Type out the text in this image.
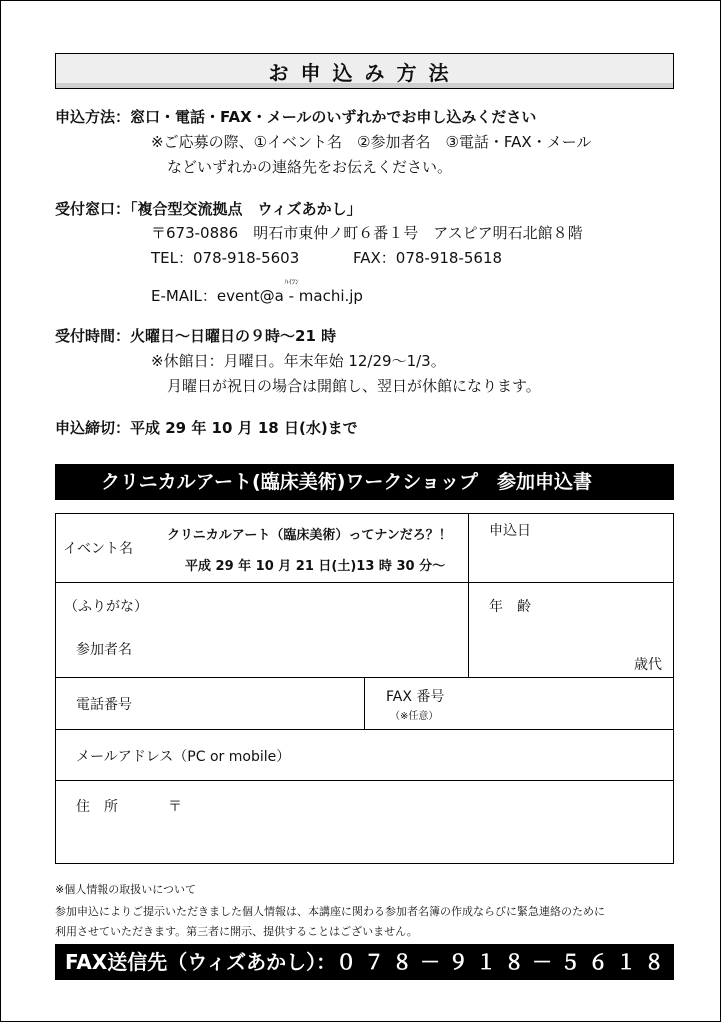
お申込み方法
申込方法：窓口・電話・FAX・メールのいずれかでお申し込みください
※ご応募の際、①イベント名　②参加者名　③電話・FAX・メール
などいずれかの連絡先をお伝えください。
受付窓口：「複合型交流拠点　ウィズあかし」
〒673-0886　明石市東仲ノ町６番１号　アスピア明石北館８階
TEL：078-918-5603	FAX：078-918-5618
E-MAIL：event@a
ﾊｲﾌﾝ
- machi.jp
受付時間：火曜日～日曜日の９時～21 時
※休館日：月曜日。年末年始 12/29～1/3。
月曜日が祝日の場合は開館し、翌日が休館になります。
申込締切：平成 29 年 10 月 18 日(水)まで
クリニカルアート(臨床美術)ワークショップ　参加申込書
イベント名
クリニカルアート（臨床美術）ってナンだろ？！
平成 29 年 10 月 21 日(土)13 時 30 分～
申込日
（ふりがな）
参加者名
年　齢
歳代
電話番号	FAX 番号
（※任意）
メールアドレス（PC or mobile）
住　所	〒
※個人情報の取扱いについて
参加申込によりご提示いただきました個人情報は、本講座に関わる参加者名簿の作成ならびに緊急連絡のために
利用させていただきます。第三者に開示、提供することはございません。
FAX送信先（ウィズあかし）：０７８－９１８－５６１８
